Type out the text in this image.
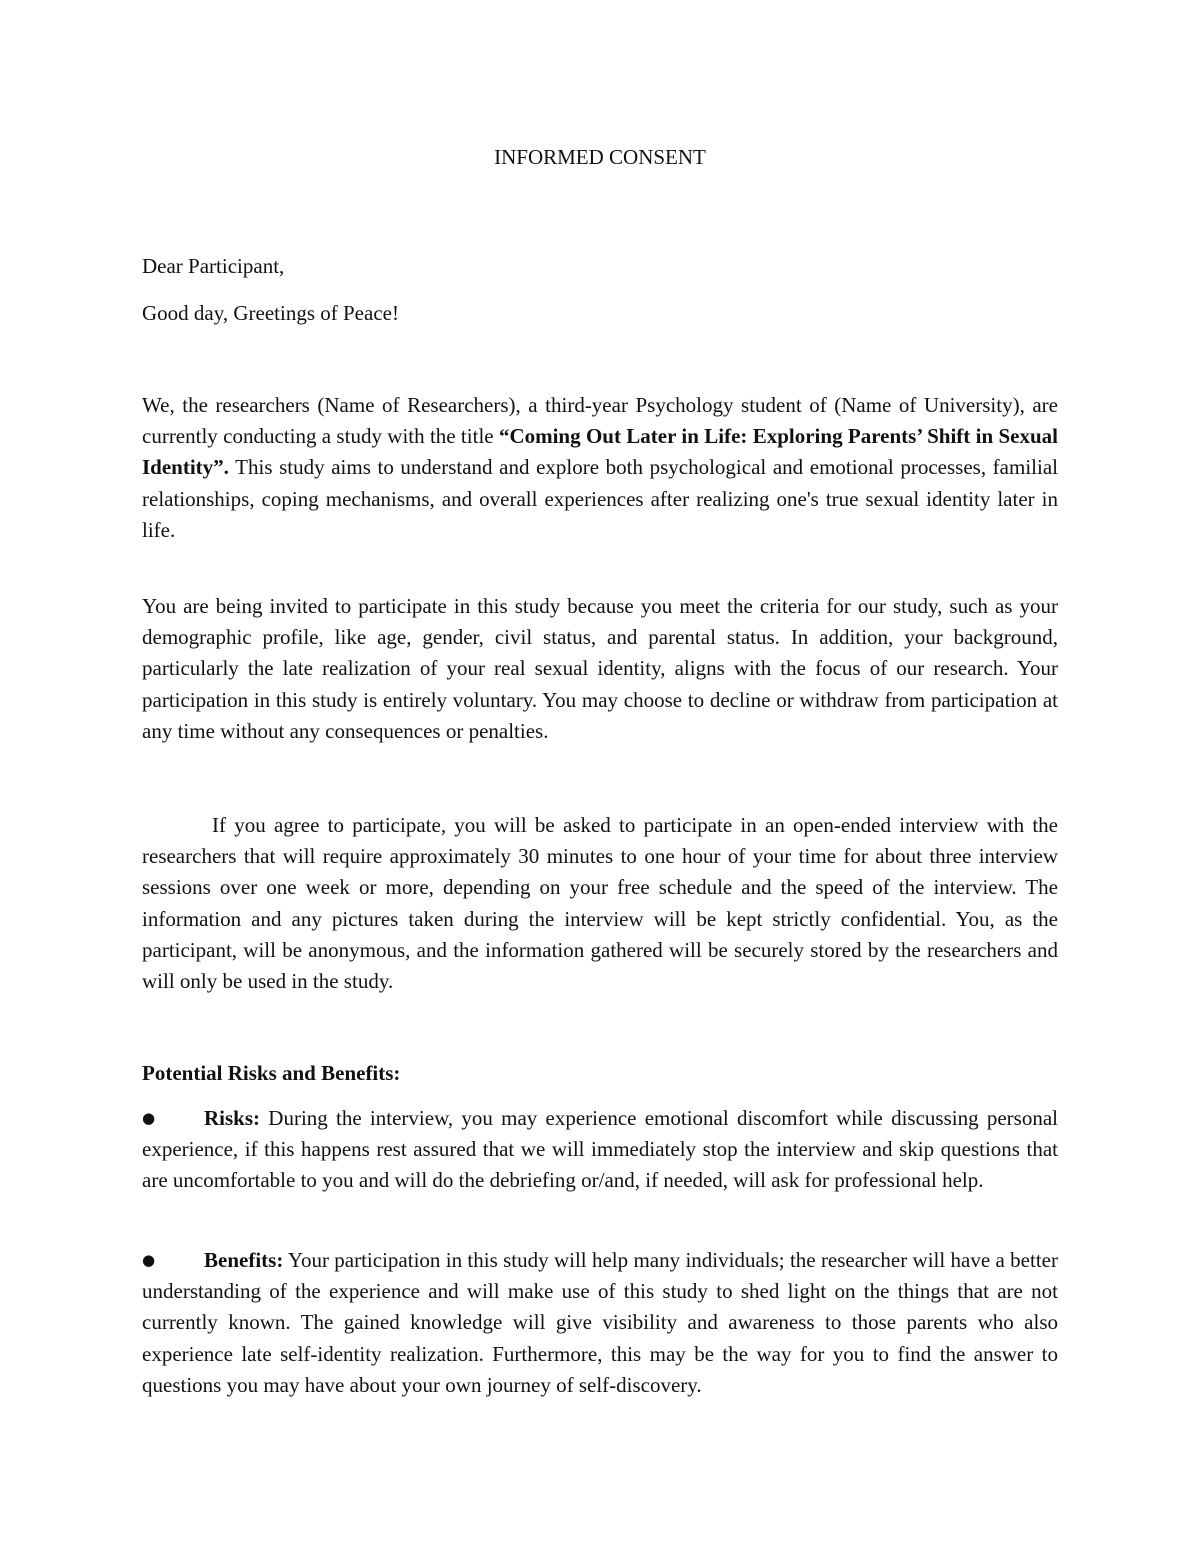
INFORMED CONSENT
Dear Participant,
Good day, Greetings of Peace!

We, the researchers (Name of Researchers), a third-year Psychology student of (Name of University), are currently conducting a study with the title “Coming Out Later in Life: Exploring Parents’ Shift in Sexual Identity”. This study aims to understand and explore both psychological and emotional processes, familial relationships, coping mechanisms, and overall experiences after realizing one's true sexual identity later in life.

You are being invited to participate in this study because you meet the criteria for our study, such as your demographic profile, like age, gender, civil status, and parental status. In addition, your background, particularly the late realization of your real sexual identity, aligns with the focus of our research. Your participation in this study is entirely voluntary. You may choose to decline or withdraw from participation at any time without any consequences or penalties.

If you agree to participate, you will be asked to participate in an open-ended interview with the researchers that will require approximately 30 minutes to one hour of your time for about three interview sessions over one week or more, depending on your free schedule and the speed of the interview. The information and any pictures taken during the interview will be kept strictly confidential. You, as the participant, will be anonymous, and the information gathered will be securely stored by the researchers and will only be used in the study.

Potential Risks and Benefits:

● Risks: During the interview, you may experience emotional discomfort while discussing personal experience, if this happens rest assured that we will immediately stop the interview and skip questions that are uncomfortable to you and will do the debriefing or/and, if needed, will ask for professional help.

● Benefits: Your participation in this study will help many individuals; the researcher will have a better understanding of the experience and will make use of this study to shed light on the things that are not currently known. The gained knowledge will give visibility and awareness to those parents who also experience late self-identity realization. Furthermore, this may be the way for you to find the answer to questions you may have about your own journey of self-discovery.
